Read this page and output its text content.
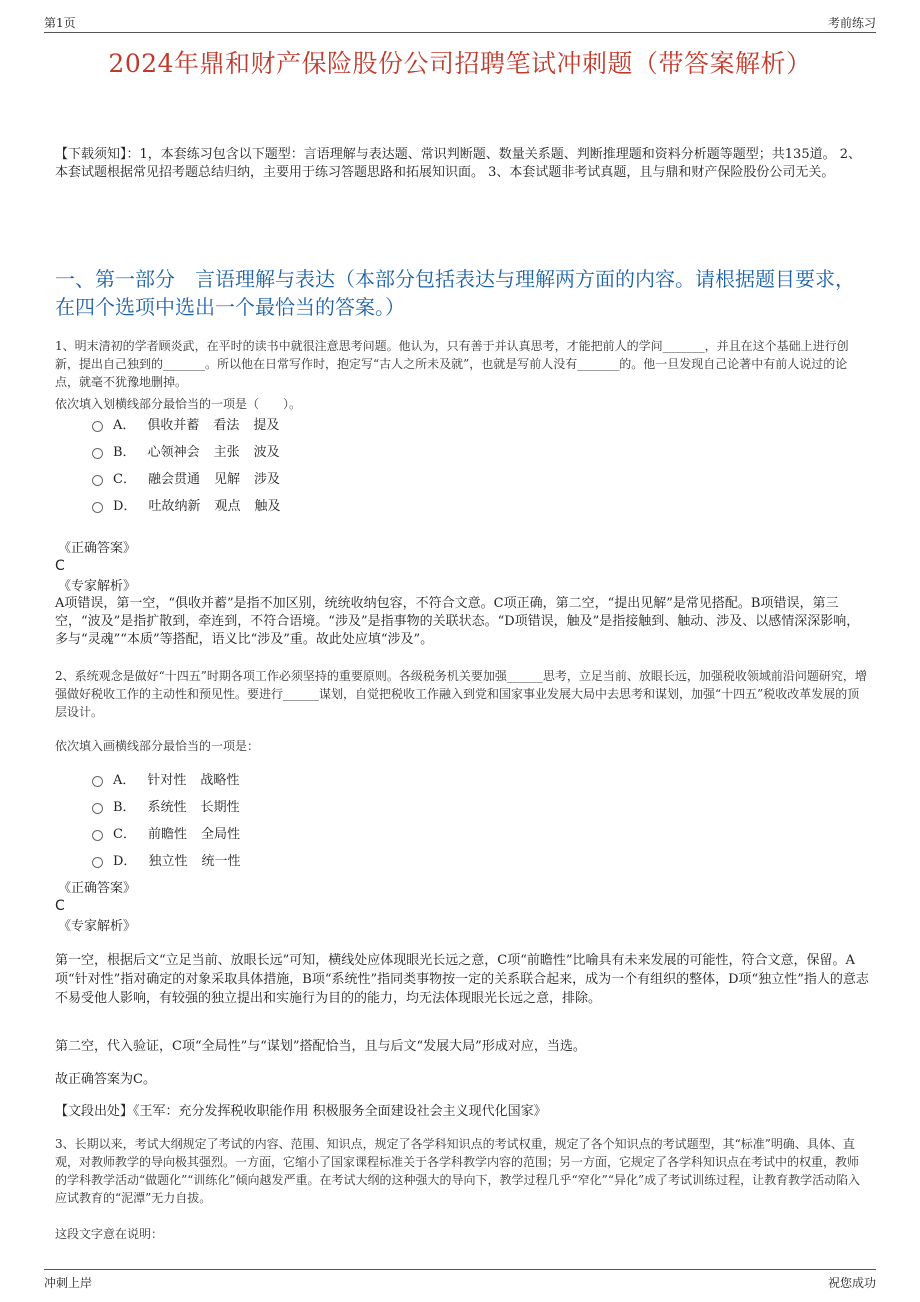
第1页	考前练习
2024年鼎和财产保险股份公司招聘笔试冲刺题（带答案解析）
【下载须知】：1，本套练习包含以下题型：言语理解与表达题、常识判断题、数量关系题、判断推理题和资料分析题等题型；共135道。 2、本套试题根据常见招考题总结归纳，主要用于练习答题思路和拓展知识面。 3、本套试题非考试真题，且与鼎和财产保险股份公司无关。
一、第一部分　言语理解与表达（本部分包括表达与理解两方面的内容。请根据题目要求，在四个选项中选出一个最恰当的答案。）
1、明末清初的学者顾炎武，在平时的读书中就很注意思考问题。他认为，只有善于并认真思考，才能把前人的学问_______，并且在这个基础上进行创新，提出自己独到的_______。所以他在日常写作时，抱定写“古人之所未及就”，也就是写前人没有_______的。他一旦发现自己论著中有前人说过的论点，就毫不犹豫地删掉。
依次填入划横线部分最恰当的一项是（　　）。
A． 俱收并蓄 看法 提及
B． 心领神会 主张 波及
C． 融会贯通 见解 涉及
D． 吐故纳新 观点 触及
《正确答案》
C
《专家解析》
A项错误，第一空，“俱收并蓄”是指不加区别，统统收纳包容，不符合文意。C项正确，第二空，“提出见解”是常见搭配。B项错误，第三空，“波及”是指扩散到，牵连到，不符合语境。“涉及”是指事物的关联状态。“D项错误，触及”是指接触到、触动、涉及、以感情深深影响，多与“灵魂”“本质”等搭配，语义比“涉及”重。故此处应填“涉及”。
2、系统观念是做好“十四五”时期各项工作必须坚持的重要原则。各级税务机关要加强______思考，立足当前、放眼长远，加强税收领域前沿问题研究，增强做好税收工作的主动性和预见性。要进行______谋划，自觉把税收工作融入到党和国家事业发展大局中去思考和谋划，加强“十四五”税收改革发展的顶层设计。
依次填入画横线部分最恰当的一项是：
A． 针对性 战略性
B． 系统性 长期性
C． 前瞻性 全局性
D． 独立性 统一性
《正确答案》
C
《专家解析》
第一空，根据后文“立足当前、放眼长远”可知，横线处应体现眼光长远之意，C项“前瞻性”比喻具有未来发展的可能性，符合文意，保留。A项“针对性”指对确定的对象采取具体措施，B项“系统性”指同类事物按一定的关系联合起来，成为一个有组织的整体，D项“独立性”指人的意志不易受他人影响，有较强的独立提出和实施行为目的的能力，均无法体现眼光长远之意，排除。
第二空，代入验证，C项“全局性”与“谋划”搭配恰当，且与后文“发展大局”形成对应，当选。
故正确答案为C。
【文段出处】《王军：充分发挥税收职能作用 积极服务全面建设社会主义现代化国家》
3、长期以来，考试大纲规定了考试的内容、范围、知识点，规定了各学科知识点的考试权重，规定了各个知识点的考试题型，其“标准”明确、具体、直观，对教师教学的导向极其强烈。一方面，它缩小了国家课程标准关于各学科教学内容的范围；另一方面，它规定了各学科知识点在考试中的权重，教师的学科教学活动“做题化”“训练化”倾向越发严重。在考试大纲的这种强大的导向下，教学过程几乎“窄化”“异化”成了考试训练过程，让教育教学活动陷入应试教育的“泥潭”无力自拔。
这段文字意在说明：
冲刺上岸	祝您成功
